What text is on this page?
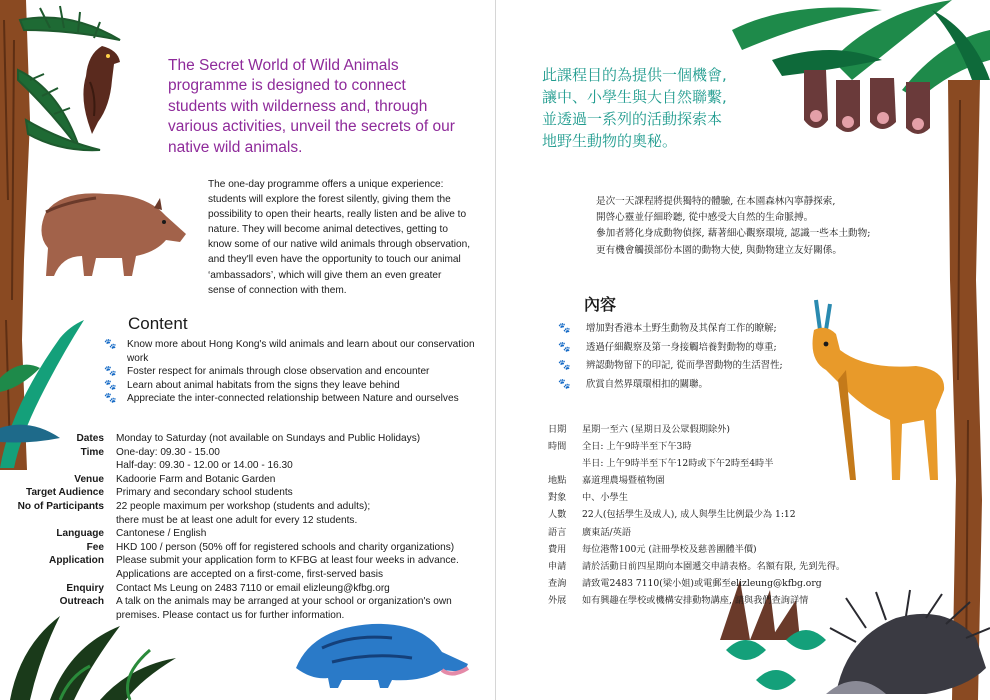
The Secret World of Wild Animals programme is designed to connect students with wilderness and, through various activities, unveil the secrets of our native wild animals.

The one-day programme offers a unique experience: students will explore the forest silently, giving them the possibility to open their hearts, really listen and be alive to nature. They will become animal detectives, getting to know some of our native wild animals through observation, and they'll even have the opportunity to touch our animal ‘ambassadors’, which will give them an even greater sense of connection with them.

Content
🐾	Know more about Hong Kong's wild animals and learn about our conservation work
🐾	Foster respect for animals through close observation and encounter
🐾	Learn about animal habitats from the signs they leave behind
🐾	Appreciate the inter-connected relationship between Nature and ourselves
Dates	Monday to Saturday (not available on Sundays and Public Holidays)
Time	One-day: 09.30 - 15.00
Half-day: 09.30 - 12.00 or 14.00 - 16.30
Venue	Kadoorie Farm and Botanic Garden
Target Audience	Primary and secondary school students
No of Participants	22 people maximum per workshop (students and adults);
there must be at least one adult for every 12 students.
Language	Cantonese / English
Fee	HKD 100 / person (50% off for registered schools and charity organizations)
Application	Please submit your application form to KFBG at least four weeks in advance.
Applications are accepted on a first-come, first-served basis
Enquiry	Contact Ms Leung on 2483 7110 or email elizleung@kfbg.org
Outreach	A talk on the animals may be arranged at your school or organization's own
premises. Please contact us for further information.
此課程目的為提供一個機會,
讓中、小學生與大自然聯繫,
並透過一系列的活動探索本
地野生動物的奧秘。
是次一天課程將提供獨特的體驗, 在本園森林內寧靜探索,
開啓心靈並仔細聆聽, 從中感受大自然的生命脈搏。
參加者將化身成動物偵探, 藉著細心觀察環境, 認識一些本土動物;
更有機會觸摸部份本園的動物大使, 與動物建立友好關係。
內容
🐾	增加對香港本土野生動物及其保育工作的瞭解;
🐾	透過仔細觀察及第一身接觸培養對動物的尊重;
🐾	辨認動物留下的印記, 從而學習動物的生活習性;
🐾	欣賞自然界環環相扣的關聯。
日期	星期一至六 (星期日及公眾假期除外)
時間	全日: 上午9時半至下午3時
半日: 上午9時半至下午12時或下午2時至4時半
地點	嘉道理農場暨植物園
對象	中、小學生
人數	22人(包括學生及成人), 成人與學生比例最少為 1:12
語言	廣東話/英語
費用	每位港幣100元 (註冊學校及慈善團體半價)
申請	請於活動日前四星期向本園遞交申請表格。名額有限, 先到先得。
查詢	請致電2483 7110(梁小姐)或電郵至elizleung@kfbg.org
外展	如有興趣在學校或機構安排動物講座, 請與我們查詢詳情
